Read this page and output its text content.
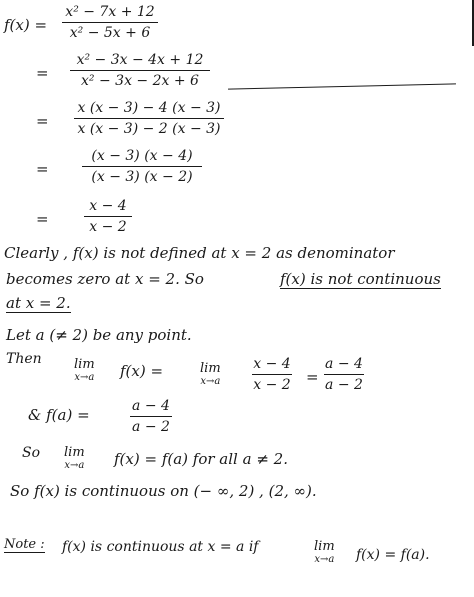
f(x) =
x² − 7x + 12
x² − 5x + 6
=
x² − 3x − 4x + 12
x² − 3x − 2x + 6
=
x (x − 3) − 4 (x − 3)
x (x − 3) − 2 (x − 3)
=
(x − 3) (x − 4)
(x − 3) (x − 2)
=
x − 4
x − 2
Clearly , f(x) is not defined at x = 2 as denominator
becomes zero at x = 2. So	f(x) is not continuous
at x = 2.
Let a (≠ 2) be any point.
Then lim
x→a f(x) =	lim
x→a
x − 4
x − 2 =
a − 4
a − 2
& f(a) =	a − 4
a − 2
So lim
x→a f(x) = f(a) for all a ≠ 2.
So f(x) is continuous on (− ∞, 2) , (2, ∞).
Note : f(x) is continuous at x = a if	lim
x→a f(x) = f(a).
